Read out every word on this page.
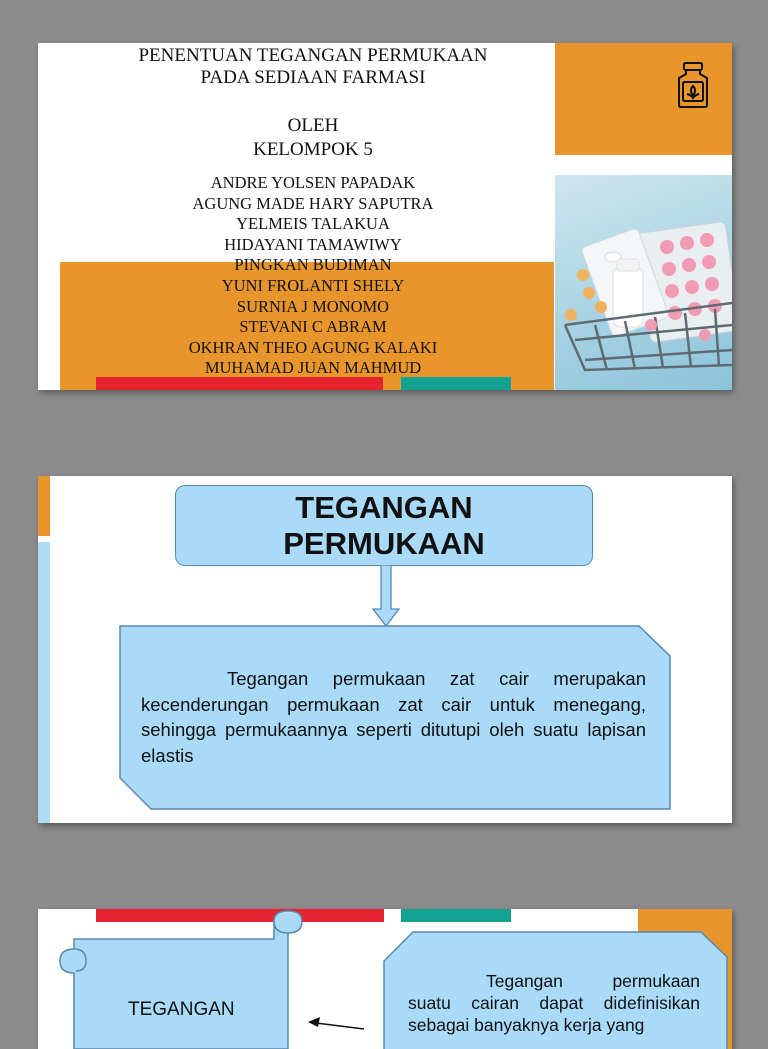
PENENTUAN TEGANGAN PERMUKAAN
PADA SEDIAAN FARMASI

OLEH
KELOMPOK 5
ANDRE YOLSEN PAPADAK
AGUNG MADE HARY SAPUTRA
YELMEIS TALAKUA
HIDAYANI TAMAWIWY
PINGKAN BUDIMAN
YUNI FROLANTI SHELY
SURNIA J MONOMO
STEVANI C ABRAM
OKHRAN THEO AGUNG KALAKI
MUHAMAD JUAN MAHMUD
TEGANGAN
PERMUKAAN
Tegangan permukaan zat cair merupakan kecenderungan permukaan zat cair untuk menegang, sehingga permukaannya seperti ditutupi oleh suatu lapisan elastis
TEGANGAN
Tegangan permukaan suatu cairan dapat didefinisikan sebagai banyaknya kerja yang
